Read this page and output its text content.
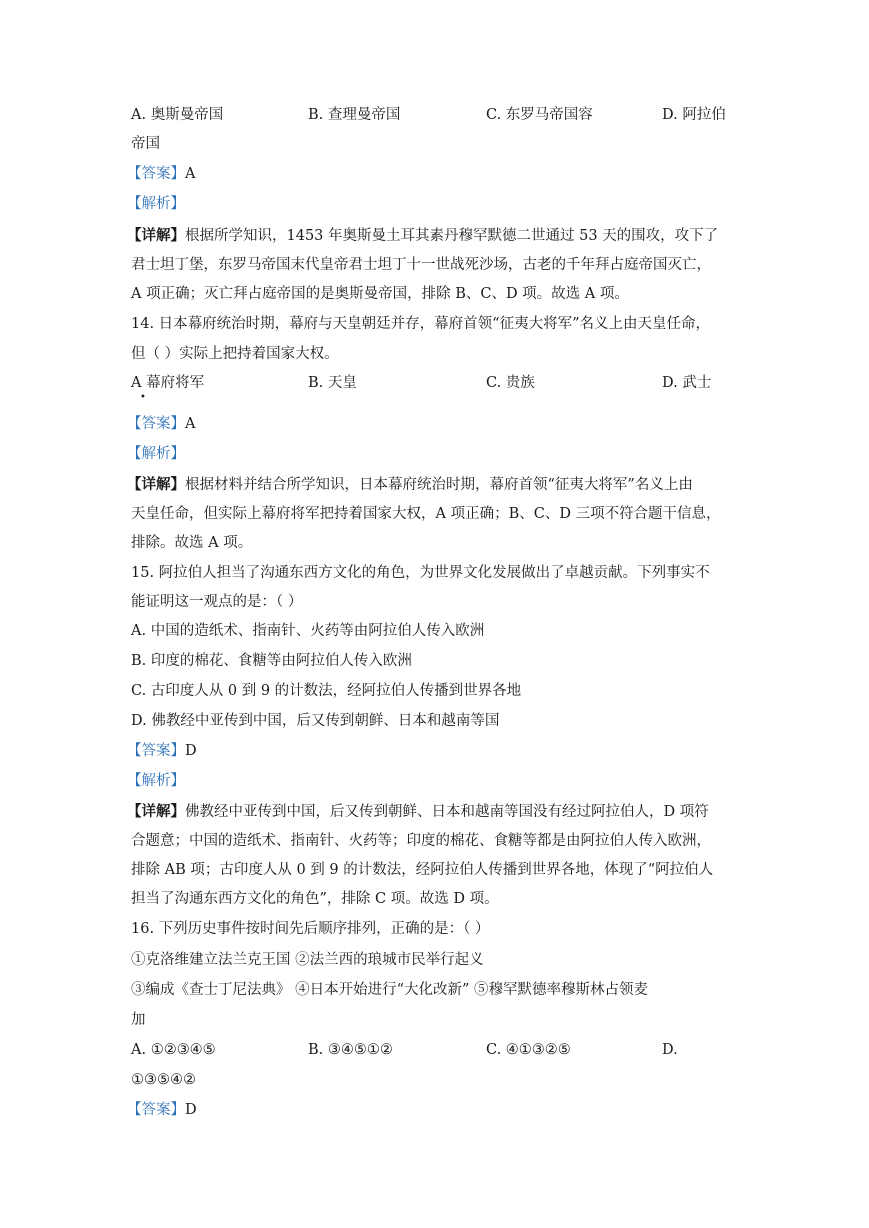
A. 奥斯曼帝国	B. 查理曼帝国	C. 东罗马帝国容	D. 阿拉伯
帝国
【答案】A
【解析】
【详解】根据所学知识，1453 年奥斯曼土耳其素丹穆罕默德二世通过 53 天的围攻，攻下了
君士坦丁堡，东罗马帝国末代皇帝君士坦丁十一世战死沙场，古老的千年拜占庭帝国灭亡，
A 项正确；灭亡拜占庭帝国的是奥斯曼帝国，排除 B、C、D 项。故选 A 项。
14. 日本幕府统治时期，幕府与天皇朝廷并存，幕府首领“征夷大将军”名义上由天皇任命，
但（ ）实际上把持着国家大权。
A 幕府将军	B. 天皇	C. 贵族	D. 武士
•
【答案】A
【解析】
【详解】根据材料并结合所学知识，日本幕府统治时期，幕府首领“征夷大将军”名义上由
天皇任命，但实际上幕府将军把持着国家大权，A 项正确；B、C、D 三项不符合题干信息，
排除。故选 A 项。
15. 阿拉伯人担当了沟通东西方文化的角色，为世界文化发展做出了卓越贡献。下列事实不
能证明这一观点的是：（ ）
A. 中国的造纸术、指南针、火药等由阿拉伯人传入欧洲
B. 印度的棉花、食糖等由阿拉伯人传入欧洲
C. 古印度人从 0 到 9 的计数法，经阿拉伯人传播到世界各地
D. 佛教经中亚传到中国，后又传到朝鲜、日本和越南等国
【答案】D
【解析】
【详解】佛教经中亚传到中国，后又传到朝鲜、日本和越南等国没有经过阿拉伯人，D 项符
合题意；中国的造纸术、指南针、火药等；印度的棉花、食糖等都是由阿拉伯人传入欧洲，
排除 AB 项；古印度人从 0 到 9 的计数法，经阿拉伯人传播到世界各地，体现了“阿拉伯人
担当了沟通东西方文化的角色”，排除 C 项。故选 D 项。
16. 下列历史事件按时间先后顺序排列，正确的是：（ ）
①克洛维建立法兰克王国 ②法兰西的琅城市民举行起义
③编成《查士丁尼法典》 ④日本开始进行“大化改新” ⑤穆罕默德率穆斯林占领麦
加
A. ①②③④⑤	B. ③④⑤①②	C. ④①③②⑤	D.
①③⑤④②
【答案】D
